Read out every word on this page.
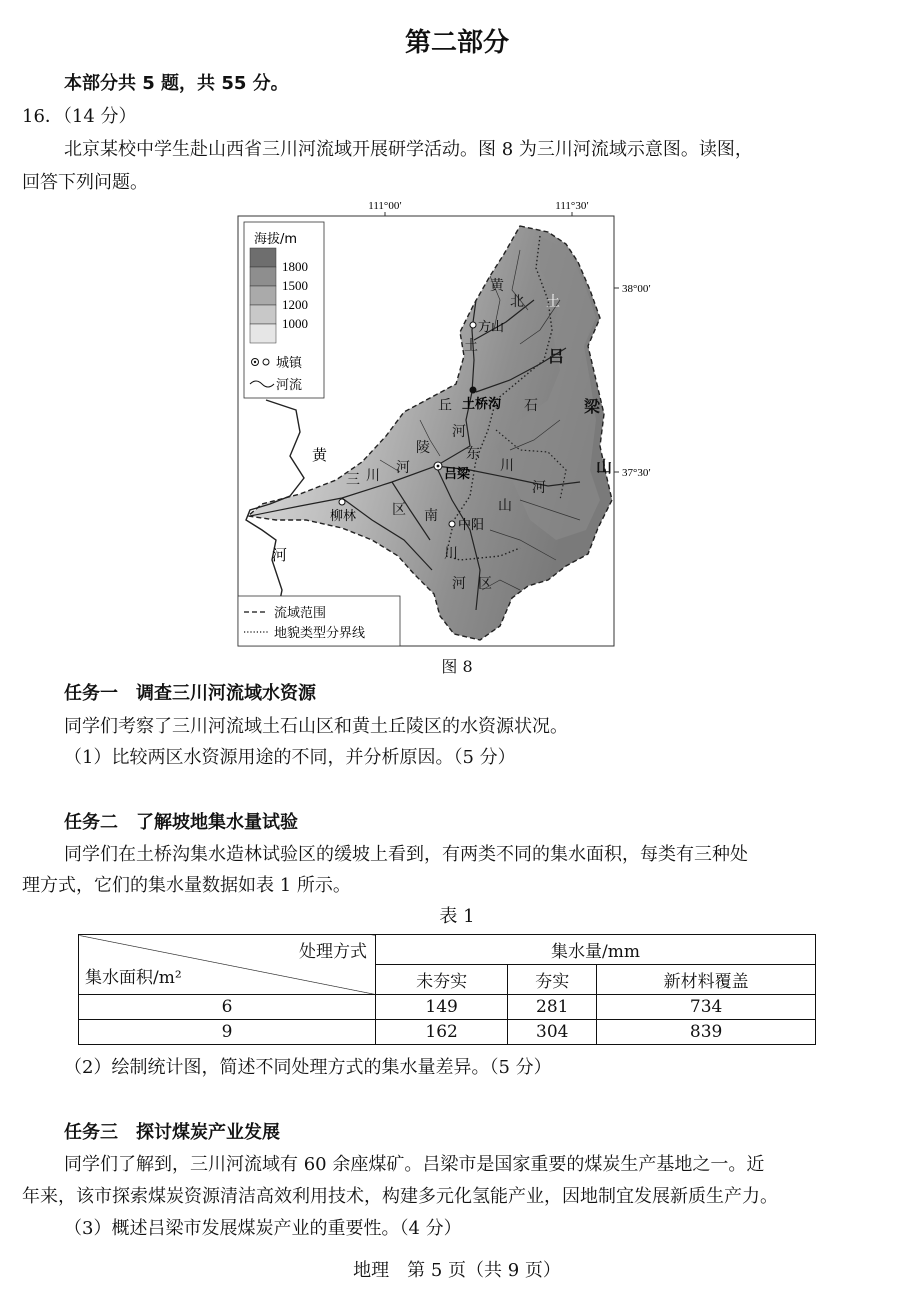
第二部分
本部分共 5 题，共 55 分。
16．（14 分）
北京某校中学生赴山西省三川河流域开展研学活动。图 8 为三川河流域示意图。读图，
回答下列问题。
111°00′	111°30′
38°00′
37°30′
海拔/m
1800
1500
1200
1000
城镇
河流
流域范围
地貌类型分界线
方山
土桥沟
吕梁
柳林
中阳
黄
河
黄
北 土
吕
梁
山
土
丘
陵
河
区
石
东
川
河
山
三 川 河
南
川
河 区
图 8
任务一　调查三川河流域水资源
同学们考察了三川河流域土石山区和黄土丘陵区的水资源状况。
（1）比较两区水资源用途的不同，并分析原因。（5 分）
任务二　了解坡地集水量试验
同学们在土桥沟集水造林试验区的缓坡上看到，有两类不同的集水面积，每类有三种处
理方式，它们的集水量数据如表 1 所示。
表 1
处理方式
集水面积/m²	集水量/mm		
	未夯实	夯实	新材料覆盖
6	149	281	734
9	162	304	839
（2）绘制统计图，简述不同处理方式的集水量差异。（5 分）
任务三　探讨煤炭产业发展
同学们了解到，三川河流域有 60 余座煤矿。吕梁市是国家重要的煤炭生产基地之一。近
年来，该市探索煤炭资源清洁高效利用技术，构建多元化氢能产业，因地制宜发展新质生产力。
（3）概述吕梁市发展煤炭产业的重要性。（4 分）
地理　第 5 页（共 9 页）
